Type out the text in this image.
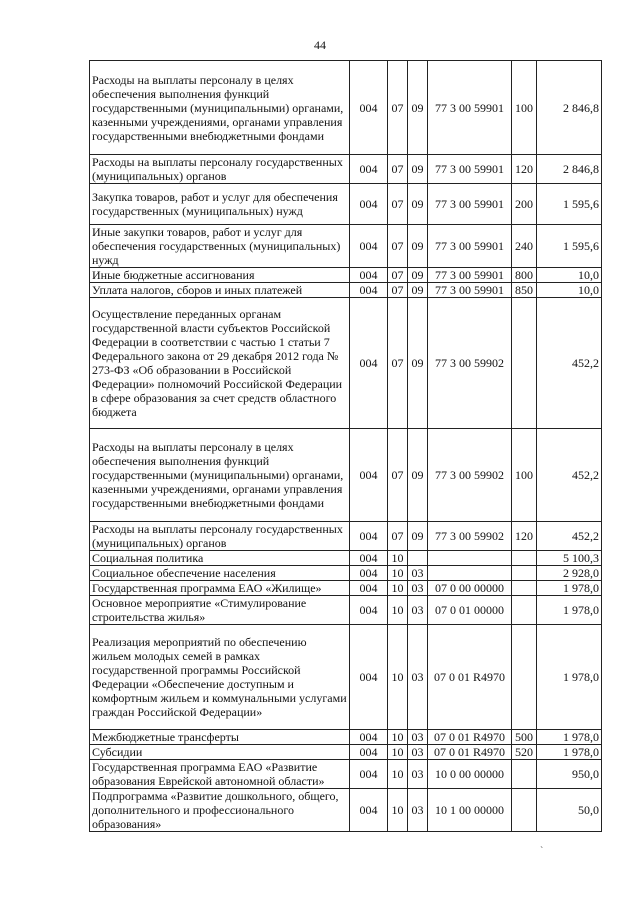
44
Расходы на выплаты персоналу в целях обеспечения выполнения функций государственными (муниципальными) органами, казенными учреждениями, органами управления государственными внебюджетными фондами	004	07	09	77 3 00 59901	100	2 846,8
Расходы на выплаты персоналу государственных (муниципальных) органов	004	07	09	77 3 00 59901	120	2 846,8
Закупка товаров, работ и услуг для обеспечения государственных (муниципальных) нужд	004	07	09	77 3 00 59901	200	1 595,6
Иные закупки товаров, работ и услуг для обеспечения государственных (муниципальных) нужд	004	07	09	77 3 00 59901	240	1 595,6
Иные бюджетные ассигнования	004	07	09	77 3 00 59901	800	10,0
Уплата налогов, сборов и иных платежей	004	07	09	77 3 00 59901	850	10,0
Осуществление переданных органам государственной власти субъектов Российской Федерации в соответствии с частью 1 статьи 7 Федерального закона от 29 декабря 2012 года № 273-ФЗ «Об образовании в Российской Федерации» полномочий Российской Федерации в сфере образования за счет средств областного бюджета	004	07	09	77 3 00 59902		452,2
Расходы на выплаты персоналу в целях обеспечения выполнения функций государственными (муниципальными) органами, казенными учреждениями, органами управления государственными внебюджетными фондами	004	07	09	77 3 00 59902	100	452,2
Расходы на выплаты персоналу государственных (муниципальных) органов	004	07	09	77 3 00 59902	120	452,2
Социальная политика	004	10				5 100,3
Социальное обеспечение населения	004	10	03			2 928,0
Государственная программа ЕАО «Жилище»	004	10	03	07 0 00 00000		1 978,0
Основное мероприятие «Стимулирование строительства жилья»	004	10	03	07 0 01 00000		1 978,0
Реализация мероприятий по обеспечению жильем молодых семей в рамках государственной программы Российской Федерации «Обеспечение доступным и комфортным жильем и коммунальными услугами граждан Российской Федерации»	004	10	03	07 0 01 R4970		1 978,0
Межбюджетные трансферты	004	10	03	07 0 01 R4970	500	1 978,0
Субсидии	004	10	03	07 0 01 R4970	520	1 978,0
Государственная программа ЕАО «Развитие образования Еврейской автономной области»	004	10	03	10 0 00 00000		950,0
Подпрограмма «Развитие дошкольного, общего, дополнительного и профессионального образования»	004	10	03	10 1 00 00000		50,0
`
